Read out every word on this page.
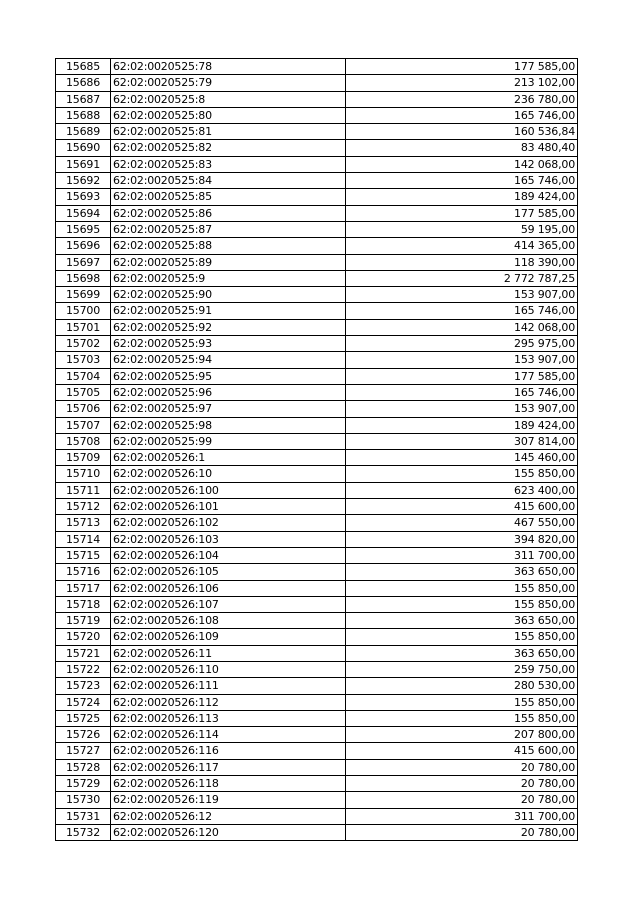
15685	62:02:0020525:78	177 585,00
15686	62:02:0020525:79	213 102,00
15687	62:02:0020525:8	236 780,00
15688	62:02:0020525:80	165 746,00
15689	62:02:0020525:81	160 536,84
15690	62:02:0020525:82	83 480,40
15691	62:02:0020525:83	142 068,00
15692	62:02:0020525:84	165 746,00
15693	62:02:0020525:85	189 424,00
15694	62:02:0020525:86	177 585,00
15695	62:02:0020525:87	59 195,00
15696	62:02:0020525:88	414 365,00
15697	62:02:0020525:89	118 390,00
15698	62:02:0020525:9	2 772 787,25
15699	62:02:0020525:90	153 907,00
15700	62:02:0020525:91	165 746,00
15701	62:02:0020525:92	142 068,00
15702	62:02:0020525:93	295 975,00
15703	62:02:0020525:94	153 907,00
15704	62:02:0020525:95	177 585,00
15705	62:02:0020525:96	165 746,00
15706	62:02:0020525:97	153 907,00
15707	62:02:0020525:98	189 424,00
15708	62:02:0020525:99	307 814,00
15709	62:02:0020526:1	145 460,00
15710	62:02:0020526:10	155 850,00
15711	62:02:0020526:100	623 400,00
15712	62:02:0020526:101	415 600,00
15713	62:02:0020526:102	467 550,00
15714	62:02:0020526:103	394 820,00
15715	62:02:0020526:104	311 700,00
15716	62:02:0020526:105	363 650,00
15717	62:02:0020526:106	155 850,00
15718	62:02:0020526:107	155 850,00
15719	62:02:0020526:108	363 650,00
15720	62:02:0020526:109	155 850,00
15721	62:02:0020526:11	363 650,00
15722	62:02:0020526:110	259 750,00
15723	62:02:0020526:111	280 530,00
15724	62:02:0020526:112	155 850,00
15725	62:02:0020526:113	155 850,00
15726	62:02:0020526:114	207 800,00
15727	62:02:0020526:116	415 600,00
15728	62:02:0020526:117	20 780,00
15729	62:02:0020526:118	20 780,00
15730	62:02:0020526:119	20 780,00
15731	62:02:0020526:12	311 700,00
15732	62:02:0020526:120	20 780,00
